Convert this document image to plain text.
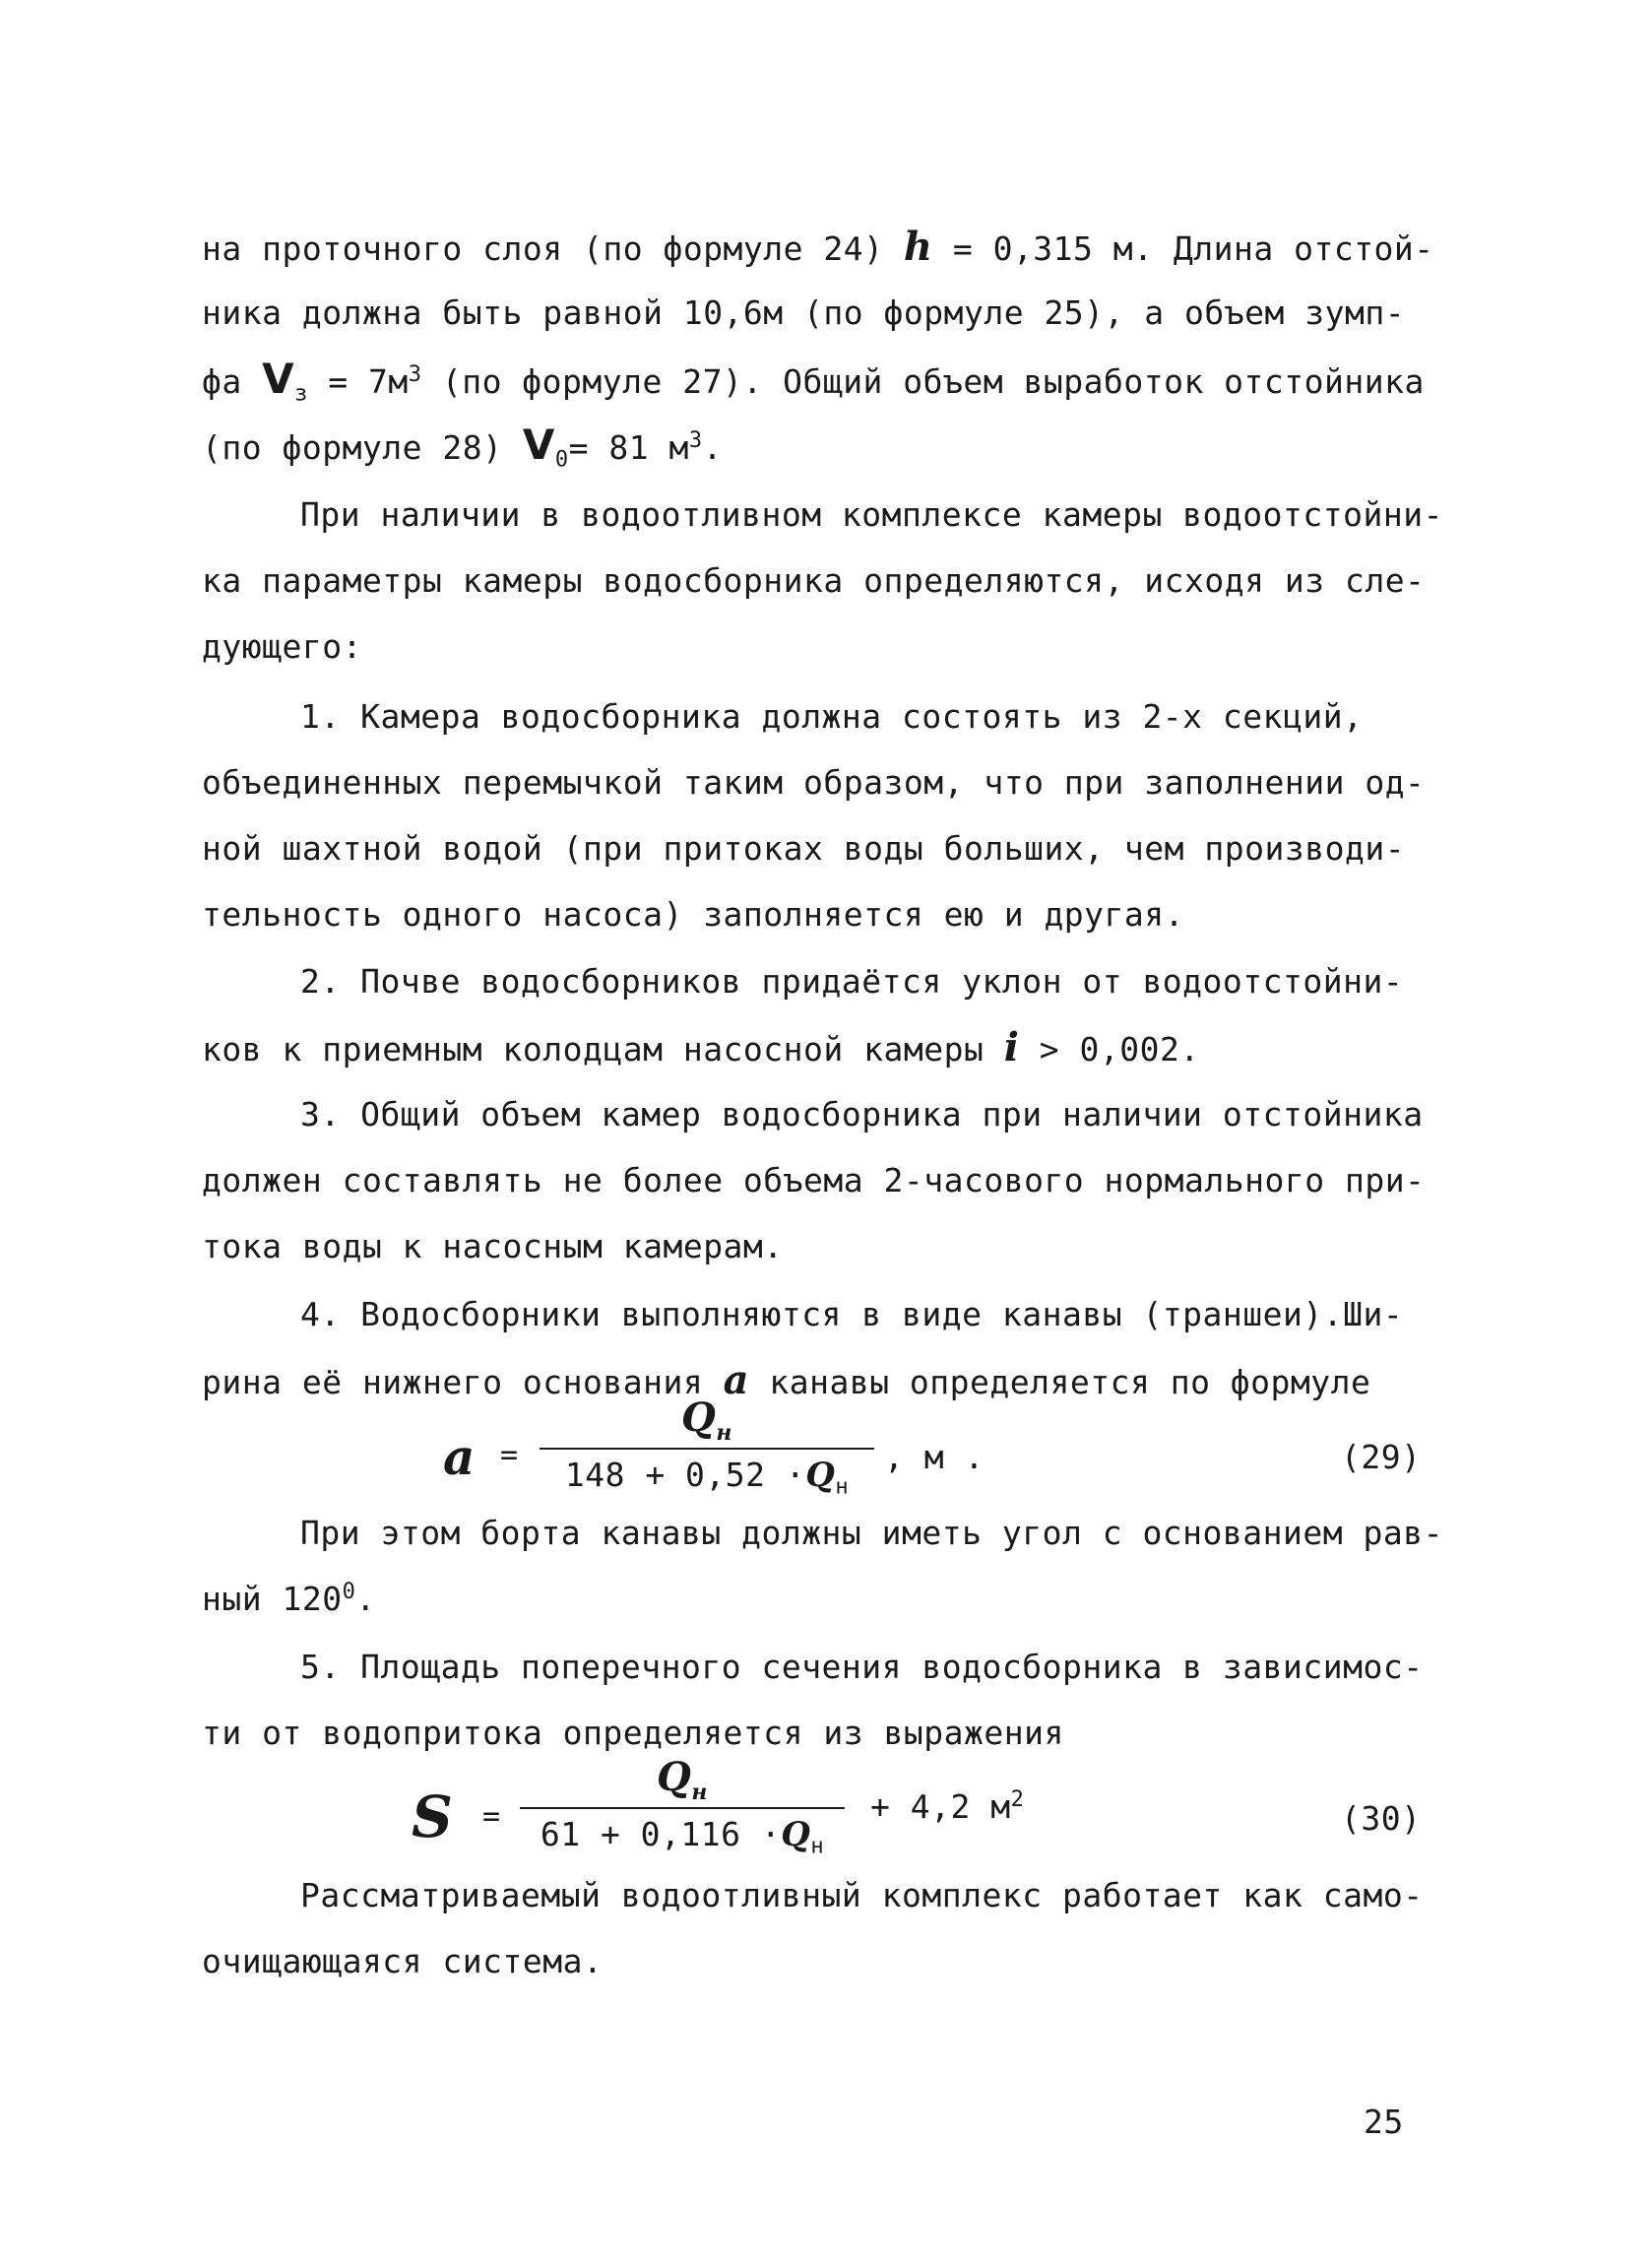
на проточного слоя (по формуле 24) h = 0,315 м. Длина отстой-
ника должна быть равной 10,6м (по формуле 25), а объем зумп-
фа $V_з = 7м^3$ (по формуле 27). Общий объем выработок отстойника
(по формуле 28) $V_0= 81$ $м^3$.
При наличии в водоотливном комплексе камеры водоотстойни-
ка параметры камеры водосборника определяются, исходя из сле-
дующего:
1. Камера водосборника должна состоять из 2-х секций,
объединенных перемычкой таким образом, что при заполнении од-
ной шахтной водой (при притоках воды больших, чем производи-
тельность одного насоса) заполняется ею и другая.
2. Почве водосборников придаётся уклон от водоотстойни-
ков к приемным колодцам насосной камеры i > 0,002.
3. Общий объем камер водосборника при наличии отстойника
должен составлять не более объема 2-часового нормального при-
тока воды к насосным камерам.
4. Водосборники выполняются в виде канавы (траншеи).Ши-
рина её нижнего основания a канавы определяется по формуле
a =
$Q_н$
$148 + 0,52 \cdot Q_н$
, м .	(29)
При этом борта канавы должны иметь угол с основанием рав-
ный $120^0$.
5. Площадь поперечного сечения водосборника в зависимос-
ти от водопритока определяется из выражения
S =
$Q_н$
$61 + 0,116 \cdot Q_н$
+ 4,2 $м^2$	(30)
Рассматриваемый водоотливный комплекс работает как само-
очищающаяся система.
25
